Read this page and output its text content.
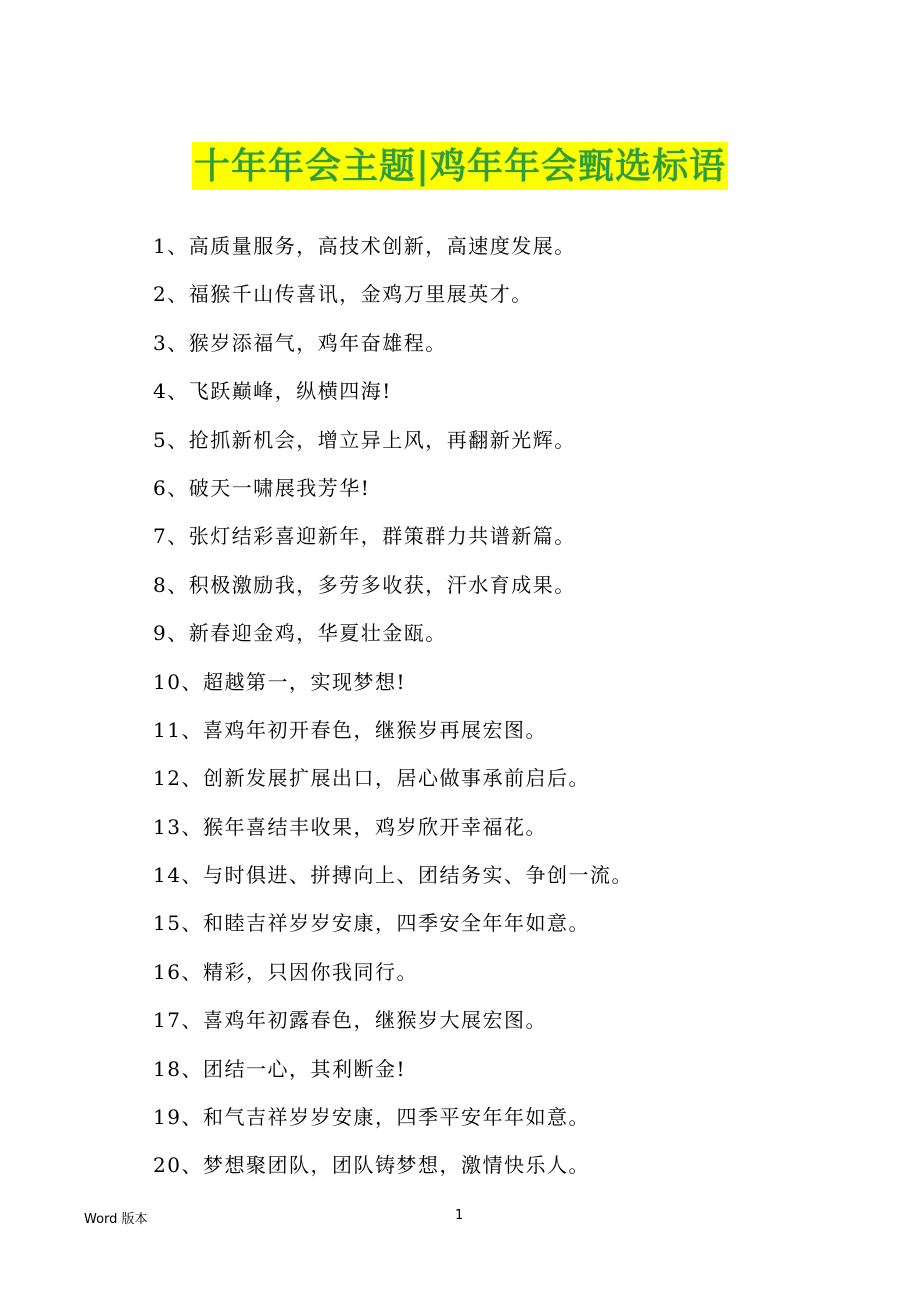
十年年会主题|鸡年年会甄选标语
1、高质量服务，高技术创新，高速度发展。
2、福猴千山传喜讯，金鸡万里展英才。
3、猴岁添福气，鸡年奋雄程。
4、飞跃巅峰，纵横四海!
5、抢抓新机会，增立异上风，再翻新光辉。
6、破天一啸展我芳华!
7、张灯结彩喜迎新年，群策群力共谱新篇。
8、积极激励我，多劳多收获，汗水育成果。
9、新春迎金鸡，华夏壮金瓯。
10、超越第一，实现梦想!
11、喜鸡年初开春色，继猴岁再展宏图。
12、创新发展扩展出口，居心做事承前启后。
13、猴年喜结丰收果，鸡岁欣开幸福花。
14、与时俱进、拼搏向上、团结务实、争创一流。
15、和睦吉祥岁岁安康，四季安全年年如意。
16、精彩，只因你我同行。
17、喜鸡年初露春色，继猴岁大展宏图。
18、团结一心，其利断金!
19、和气吉祥岁岁安康，四季平安年年如意。
20、梦想聚团队，团队铸梦想，激情快乐人。
Word 版本	1
